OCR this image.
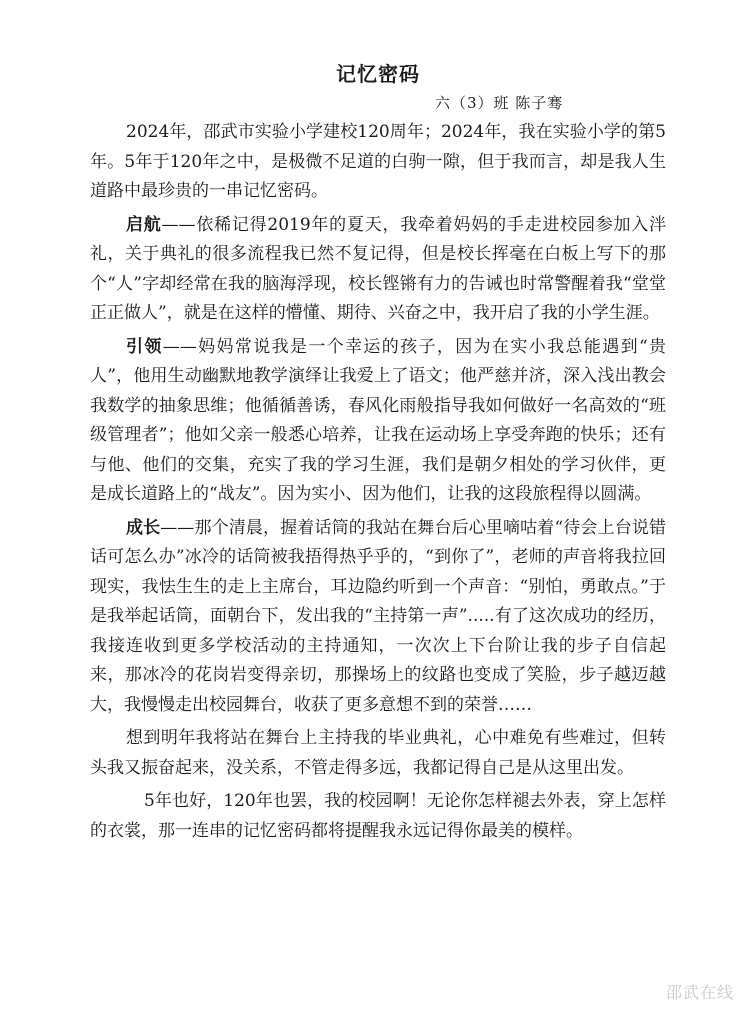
记忆密码
六（3）班 陈子骞

2024年，邵武市实验小学建校120周年；2024年，我在实验小学的第5年。5年于120年之中，是极微不足道的白驹一隙，但于我而言，却是我人生道路中最珍贵的一串记忆密码。

启航——依稀记得2019年的夏天，我牵着妈妈的手走进校园参加入泮礼，关于典礼的很多流程我已然不复记得，但是校长挥毫在白板上写下的那个“人”字却经常在我的脑海浮现，校长铿锵有力的告诫也时常警醒着我“堂堂正正做人”，就是在这样的懵懂、期待、兴奋之中，我开启了我的小学生涯。

引领——妈妈常说我是一个幸运的孩子，因为在实小我总能遇到“贵人”，他用生动幽默地教学演绎让我爱上了语文；他严慈并济，深入浅出教会我数学的抽象思维；他循循善诱，春风化雨般指导我如何做好一名高效的“班级管理者”；他如父亲一般悉心培养，让我在运动场上享受奔跑的快乐；还有与他、他们的交集，充实了我的学习生涯，我们是朝夕相处的学习伙伴，更是成长道路上的“战友”。因为实小、因为他们，让我的这段旅程得以圆满。

成长——那个清晨，握着话筒的我站在舞台后心里嘀咕着“待会上台说错话可怎么办”冰冷的话筒被我捂得热乎乎的，“到你了”，老师的声音将我拉回现实，我怯生生的走上主席台，耳边隐约听到一个声音：“别怕，勇敢点。”于是我举起话筒，面朝台下，发出我的“主持第一声”.....有了这次成功的经历，我接连收到更多学校活动的主持通知，一次次上下台阶让我的步子自信起来，那冰冷的花岗岩变得亲切，那操场上的纹路也变成了笑脸，步子越迈越大，我慢慢走出校园舞台，收获了更多意想不到的荣誉……

想到明年我将站在舞台上主持我的毕业典礼，心中难免有些难过，但转头我又振奋起来，没关系，不管走得多远，我都记得自己是从这里出发。

5年也好，120年也罢，我的校园啊！无论你怎样褪去外表，穿上怎样的衣裳，那一连串的记忆密码都将提醒我永远记得你最美的模样。

邵武在线
